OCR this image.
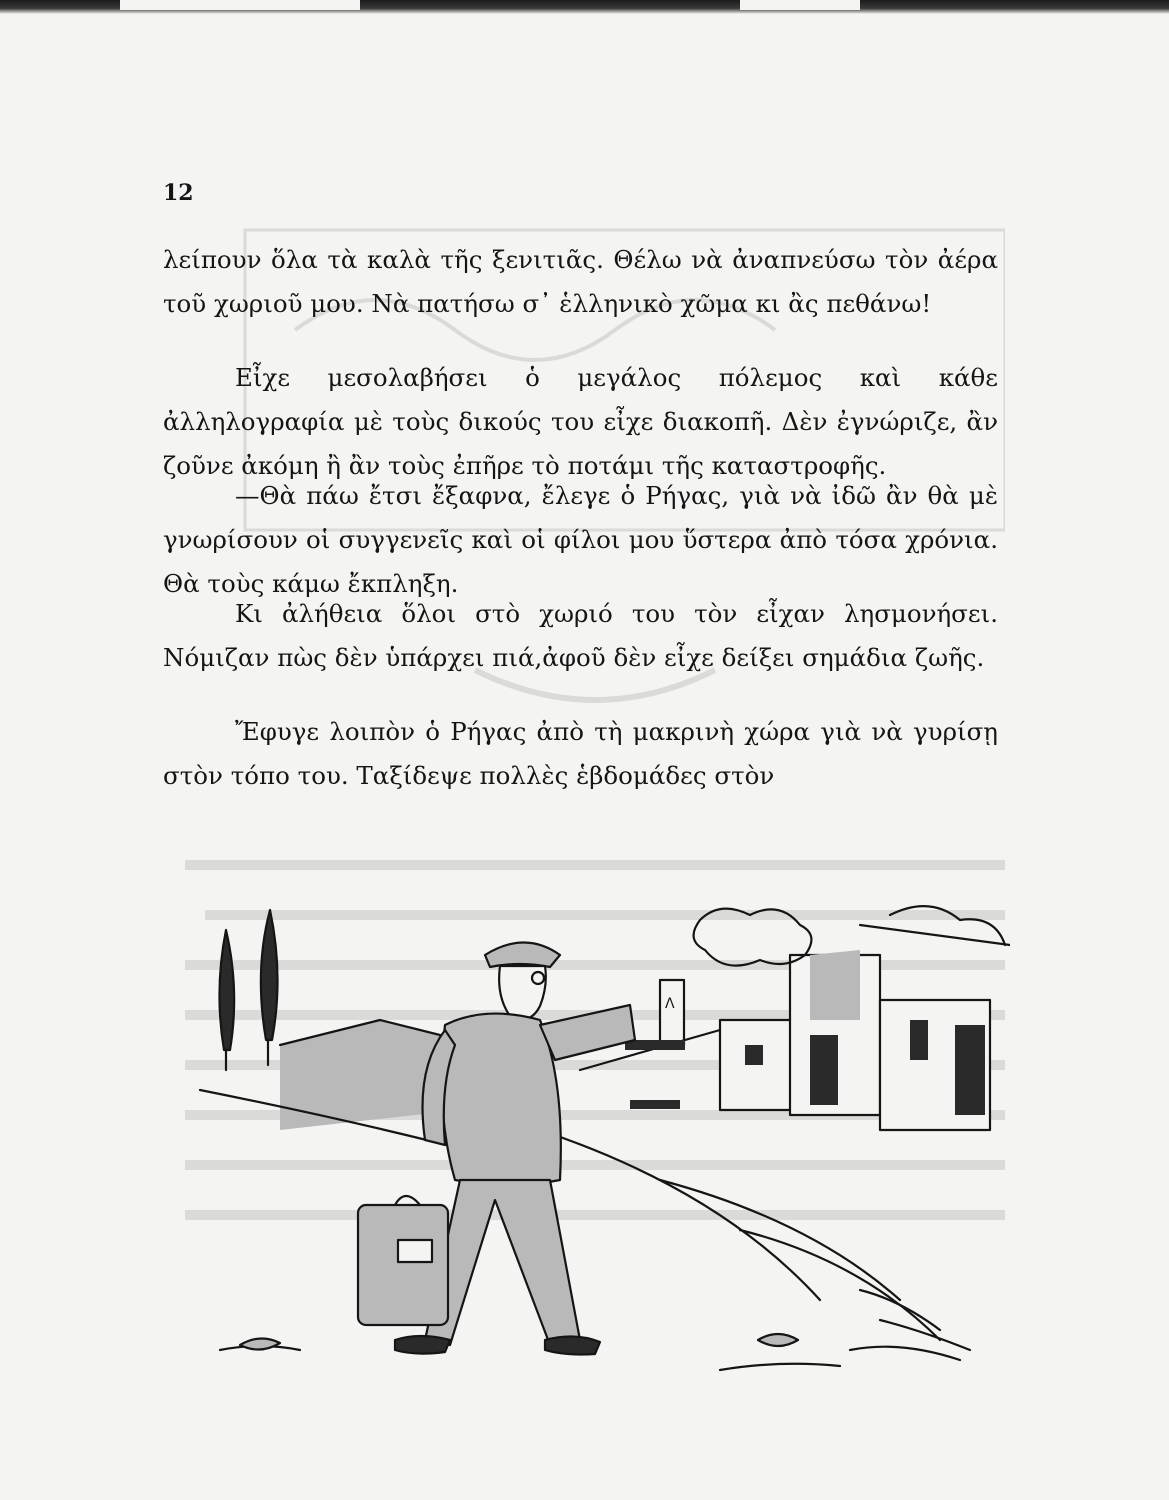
12

λείπουν ὅλα τὰ καλὰ τῆς ξενιτιᾶς. Θέλω νὰ ἀναπνεύσω τὸν ἀέρα τοῦ χωριοῦ μου. Νὰ πατήσω σ᾽ ἑλληνικὸ χῶμα κι ἂς πεθάνω!

Εἶχε μεσολαβήσει ὁ μεγάλος πόλεμος καὶ κάθε ἀλληλογραφία μὲ τοὺς δικούς του εἶχε διακοπῆ. Δὲν ἐγνώριζε, ἂν ζοῦνε ἀκόμη ἢ ἂν τοὺς ἐπῆρε τὸ ποτάμι τῆς καταστροφῆς.

—Θὰ πάω ἔτσι ἔξαφνα, ἔλεγε ὁ Ρήγας, γιὰ νὰ ἰδῶ ἂν θὰ μὲ γνωρίσουν οἱ συγγενεῖς καὶ οἱ φίλοι μου ὕστερα ἀπὸ τόσα χρόνια. Θὰ τοὺς κάμω ἔκπληξη.

Κι ἀλήθεια ὅλοι στὸ χωριό του τὸν εἶχαν λησμονήσει. Νόμιζαν πὼς δὲν ὑπάρχει πιά,ἀφοῦ δὲν εἶχε δείξει σημάδια ζωῆς.

Ἔφυγε λοιπὸν ὁ Ρήγας ἀπὸ τὴ μακρινὴ χώρα γιὰ νὰ γυρίσῃ στὸν τόπο του. Ταξίδεψε πολλὲς ἑβδομάδες στὸν

Λ
